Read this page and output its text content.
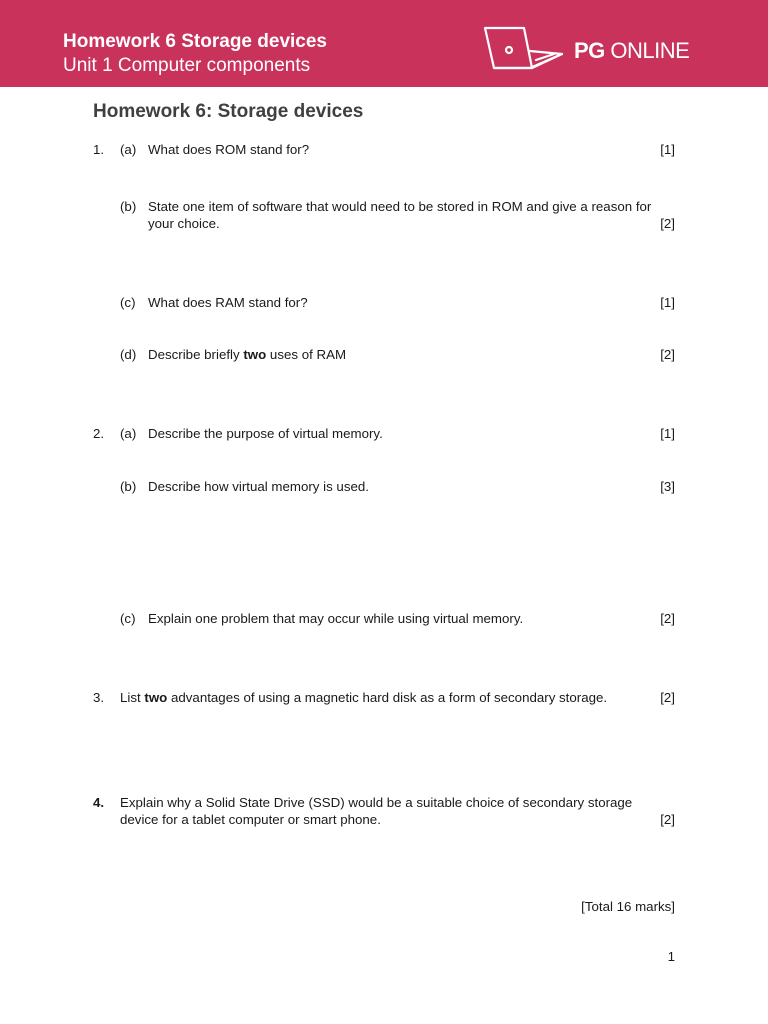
Homework 6 Storage devices
Unit 1 Computer components
PG ONLINE
Homework 6: Storage devices
1. (a) What does ROM stand for?	[1]
(b) State one item of software that would need to be stored in ROM and give a reason for your choice.	[2]
(c) What does RAM stand for?	[1]
(d) Describe briefly two uses of RAM	[2]
2. (a) Describe the purpose of virtual memory.	[1]
(b) Describe how virtual memory is used.	[3]
(c) Explain one problem that may occur while using virtual memory.	[2]
3. List two advantages of using a magnetic hard disk as a form of secondary storage.	[2]
4. Explain why a Solid State Drive (SSD) would be a suitable choice of secondary storage device for a tablet computer or smart phone.	[2]
[Total 16 marks]
1
